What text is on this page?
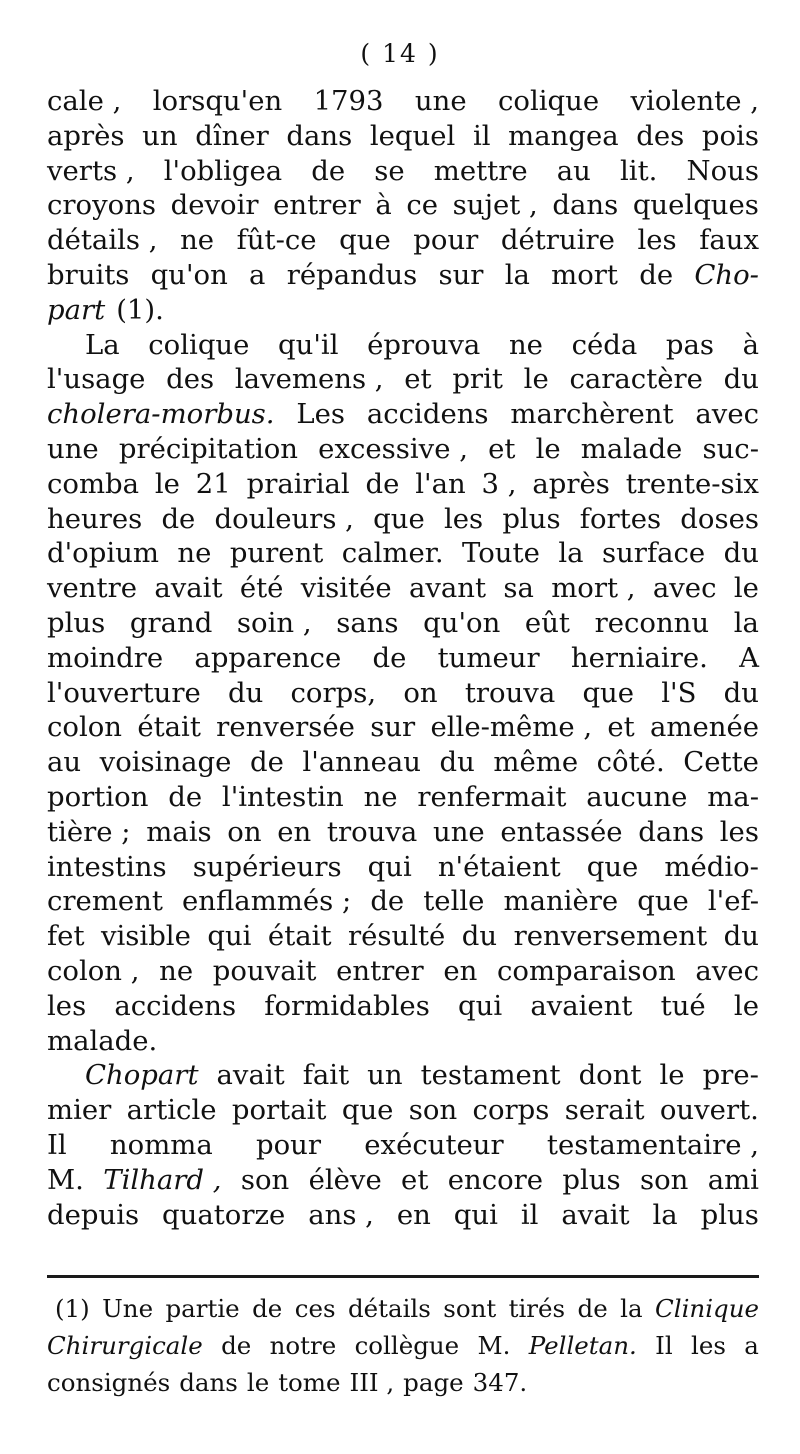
( 14 )
cale , lorsqu'en 1793 une colique violente ,
après un dîner dans lequel il mangea des pois
verts , l'obligea de se mettre au lit. Nous
croyons devoir entrer à ce sujet , dans quelques
détails , ne fût-ce que pour détruire les faux
bruits qu'on a répandus sur la mort de Cho-
part (1).
La colique qu'il éprouva ne céda pas à
l'usage des lavemens , et prit le caractère du
cholera-morbus. Les accidens marchèrent avec
une précipitation excessive , et le malade suc-
comba le 21 prairial de l'an 3 , après trente-six
heures de douleurs , que les plus fortes doses
d'opium ne purent calmer. Toute la surface du
ventre avait été visitée avant sa mort , avec le
plus grand soin , sans qu'on eût reconnu la
moindre apparence de tumeur herniaire. A
l'ouverture du corps, on trouva que l'S du
colon était renversée sur elle-même , et amenée
au voisinage de l'anneau du même côté. Cette
portion de l'intestin ne renfermait aucune ma-
tière ; mais on en trouva une entassée dans les
intestins supérieurs qui n'étaient que médio-
crement enflammés ; de telle manière que l'ef-
fet visible qui était résulté du renversement du
colon , ne pouvait entrer en comparaison avec
les accidens formidables qui avaient tué le
malade.
Chopart avait fait un testament dont le pre-
mier article portait que son corps serait ouvert.
Il nomma pour exécuteur testamentaire ,
M. Tilhard , son élève et encore plus son ami
depuis quatorze ans , en qui il avait la plus
(1) Une partie de ces détails sont tirés de la Clinique
Chirurgicale de notre collègue M. Pelletan. Il les a
consignés dans le tome III , page 347.
